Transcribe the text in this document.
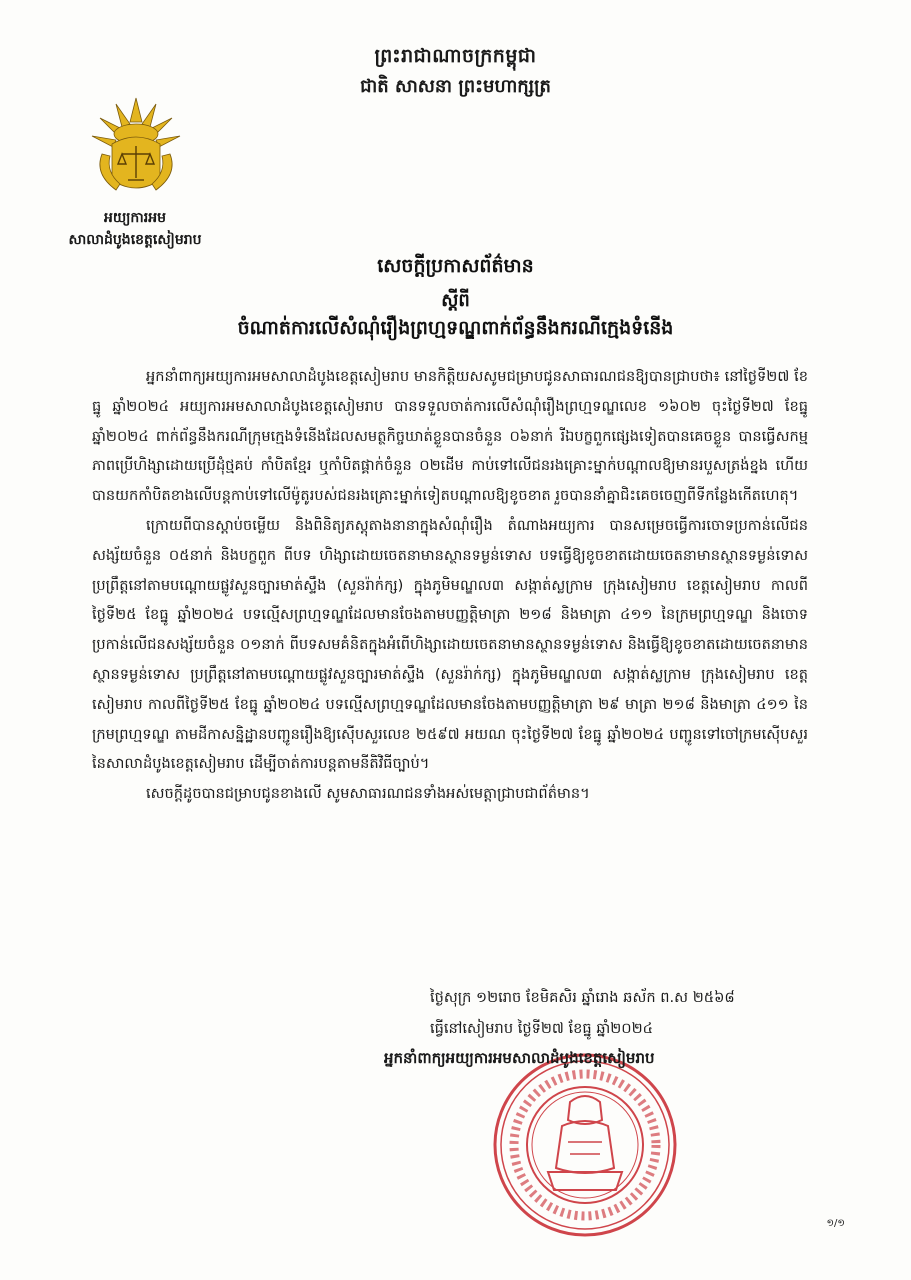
ព្រះរាជាណាចក្រកម្ពុជា
ជាតិ សាសនា ព្រះមហាក្សត្រ
អយ្យការអម
សាលាដំបូងខេត្តសៀមរាប
សេចក្តីប្រកាសព័ត៌មាន
ស្តីពី
ចំណាត់ការលើសំណុំរឿងព្រហ្មទណ្ឌពាក់ព័ន្ធនឹងករណីក្មេងទំនើង

អ្នកនាំពាក្យអយ្យការអមសាលាដំបូងខេត្តសៀមរាប មានកិត្តិយសសូមជម្រាបជូនសាធារណជនឱ្យបានជ្រាបថា៖ នៅថ្ងៃទី២៧ ខែធ្នូ ឆ្នាំ២០២៤ អយ្យការអមសាលាដំបូងខេត្តសៀមរាប បានទទួលចាត់ការលើសំណុំរឿងព្រហ្មទណ្ឌលេខ ១៦០២ ចុះថ្ងៃទី២៧ ខែធ្នូ ឆ្នាំ២០២៤ ពាក់ព័ន្ធនឹងករណីក្រុមក្មេងទំនើងដែលសមត្ថកិច្ចឃាត់ខ្លួនបានចំនួន ០៦នាក់ រីឯបក្ខពួកផ្សេងទៀតបានគេចខ្លួន បានធ្វើសកម្មភាពប្រើហិង្សាដោយប្រើដុំថ្មគប់ កាំបិតខ្មែរ ឬកាំបិតផ្គាក់ចំនួន ០២ដើម កាប់ទៅលើជនរងគ្រោះម្នាក់បណ្តាលឱ្យមានរបួសត្រង់ខ្នង ហើយបានយកកាំបិតខាងលើបន្តកាប់ទៅលើម៉ូតូរបស់ជនរងគ្រោះម្នាក់ទៀតបណ្តាលឱ្យខូចខាត រួចបាននាំគ្នាជិះគេចចេញពីទីកន្លែងកើតហេតុ។

ក្រោយពីបានស្តាប់ចម្លើយ និងពិនិត្យភស្តុតាងនានាក្នុងសំណុំរឿង តំណាងអយ្យការ បានសម្រេចធ្វើការចោទប្រកាន់លើជនសង្ស័យចំនួន ០៥នាក់ និងបក្ខពួក ពីបទ ហិង្សាដោយចេតនាមានស្ថានទម្ងន់ទោស បទធ្វើឱ្យខូចខាតដោយចេតនាមានស្ថានទម្ងន់ទោស ប្រព្រឹត្តនៅតាមបណ្តោយផ្លូវសួនច្បារមាត់ស្ទឹង (សួនរ៉ាក់ក្ស) ក្នុងភូមិមណ្ឌល៣ សង្កាត់ស្លក្រាម ក្រុងសៀមរាប ខេត្តសៀមរាប កាលពីថ្ងៃទី២៥ ខែធ្នូ ឆ្នាំ២០២៤ បទល្មើសព្រហ្មទណ្ឌដែលមានចែងតាមបញ្ញត្តិមាត្រា ២១៨ និងមាត្រា ៤១១ នៃក្រមព្រហ្មទណ្ឌ និងចោទប្រកាន់លើជនសង្ស័យចំនួន ០១នាក់ ពីបទសមគំនិតក្នុងអំពើហិង្សាដោយចេតនាមានស្ថានទម្ងន់ទោស និងធ្វើឱ្យខូចខាតដោយចេតនាមានស្ថានទម្ងន់ទោស ប្រព្រឹត្តនៅតាមបណ្តោយផ្លូវសួនច្បារមាត់ស្ទឹង (សួនរ៉ាក់ក្ស) ក្នុងភូមិមណ្ឌល៣ សង្កាត់ស្លក្រាម ក្រុងសៀមរាប ខេត្តសៀមរាប កាលពីថ្ងៃទី២៥ ខែធ្នូ ឆ្នាំ២០២៤ បទល្មើសព្រហ្មទណ្ឌដែលមានចែងតាមបញ្ញត្តិមាត្រា ២៩ មាត្រា ២១៨ និងមាត្រា ៤១១ នៃក្រមព្រហ្មទណ្ឌ តាមដីកាសន្និដ្ឋានបញ្ជូនរឿងឱ្យស៊ើបសួរលេខ ២៥៩៧ អយណ ចុះថ្ងៃទី២៧ ខែធ្នូ ឆ្នាំ២០២៤ បញ្ជូនទៅចៅក្រមស៊ើបសួរនៃសាលាដំបូងខេត្តសៀមរាប ដើម្បីចាត់ការបន្តតាមនីតិវិធីច្បាប់។

សេចក្តីដូចបានជម្រាបជូនខាងលើ សូមសាធារណជនទាំងអស់មេត្តាជ្រាបជាព័ត៌មាន។

ថ្ងៃសុក្រ ១២រោច ខែមិគសិរ ឆ្នាំរោង ឆស័ក ព.ស ២៥៦៨
ធ្វើនៅសៀមរាប ថ្ងៃទី២៧ ខែធ្នូ ឆ្នាំ២០២៤
អ្នកនាំពាក្យអយ្យការអមសាលាដំបូងខេត្តសៀមរាប
១/១
